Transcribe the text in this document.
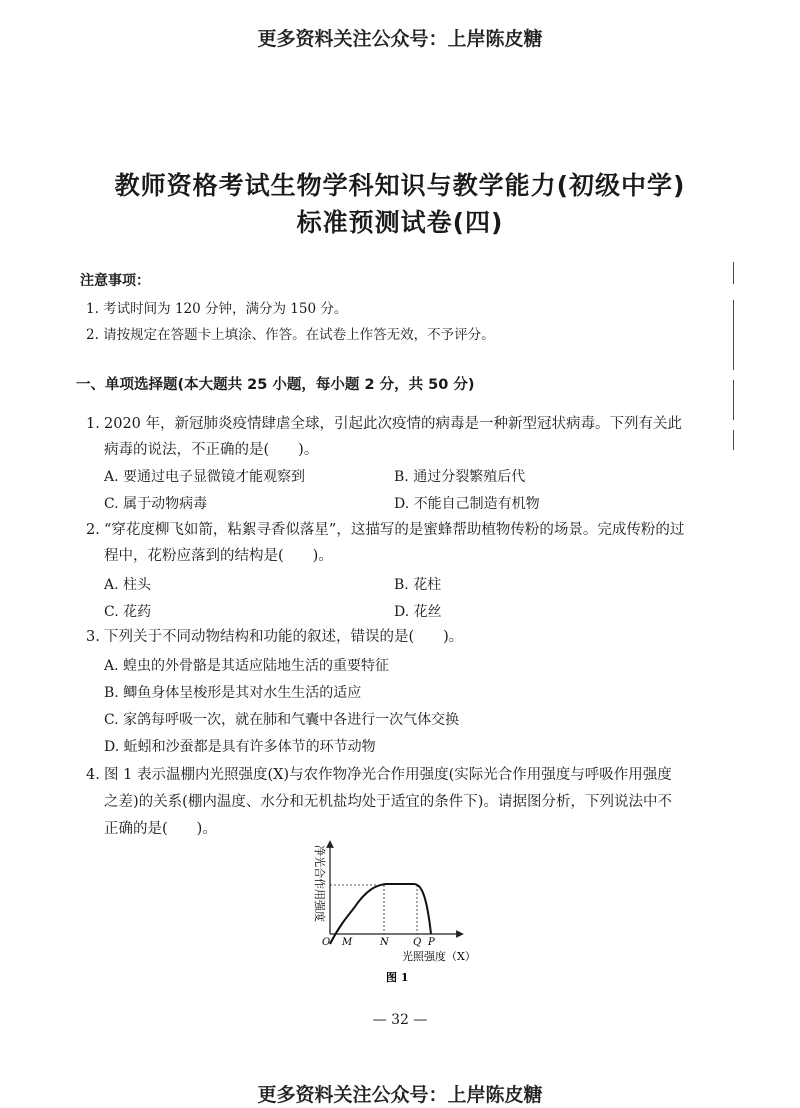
更多资料关注公众号：上岸陈皮糖
教师资格考试生物学科知识与教学能力(初级中学)
标准预测试卷(四)
注意事项：
1. 考试时间为 120 分钟，满分为 150 分。
2. 请按规定在答题卡上填涂、作答。在试卷上作答无效，不予评分。
一、单项选择题(本大题共 25 小题，每小题 2 分，共 50 分)
1. 2020 年，新冠肺炎疫情肆虐全球，引起此次疫情的病毒是一种新型冠状病毒。下列有关此病毒的说法，不正确的是(　　)。
A. 要通过电子显微镜才能观察到	B. 通过分裂繁殖后代
C. 属于动物病毒	D. 不能自己制造有机物
2. “穿花度柳飞如箭，粘絮寻香似落星”，这描写的是蜜蜂帮助植物传粉的场景。完成传粉的过程中，花粉应落到的结构是(　　)。
A. 柱头	B. 花柱
C. 花药	D. 花丝
3. 下列关于不同动物结构和功能的叙述，错误的是(　　)。
A. 蝗虫的外骨骼是其适应陆地生活的重要特征
B. 鲫鱼身体呈梭形是其对水生生活的适应
C. 家鸽每呼吸一次，就在肺和气囊中各进行一次气体交换
D. 蚯蚓和沙蚕都是具有许多体节的环节动物
4. 图 1 表示温棚内光照强度(X)与农作物净光合作用强度(实际光合作用强度与呼吸作用强度之差)的关系(棚内温度、水分和无机盐均处于适宜的条件下)。请据图分析，下列说法中不正确的是(　　)。
净光合作用强度
O M	N Q P
光照强度（X）
图 1
— 32 —
更多资料关注公众号：上岸陈皮糖
